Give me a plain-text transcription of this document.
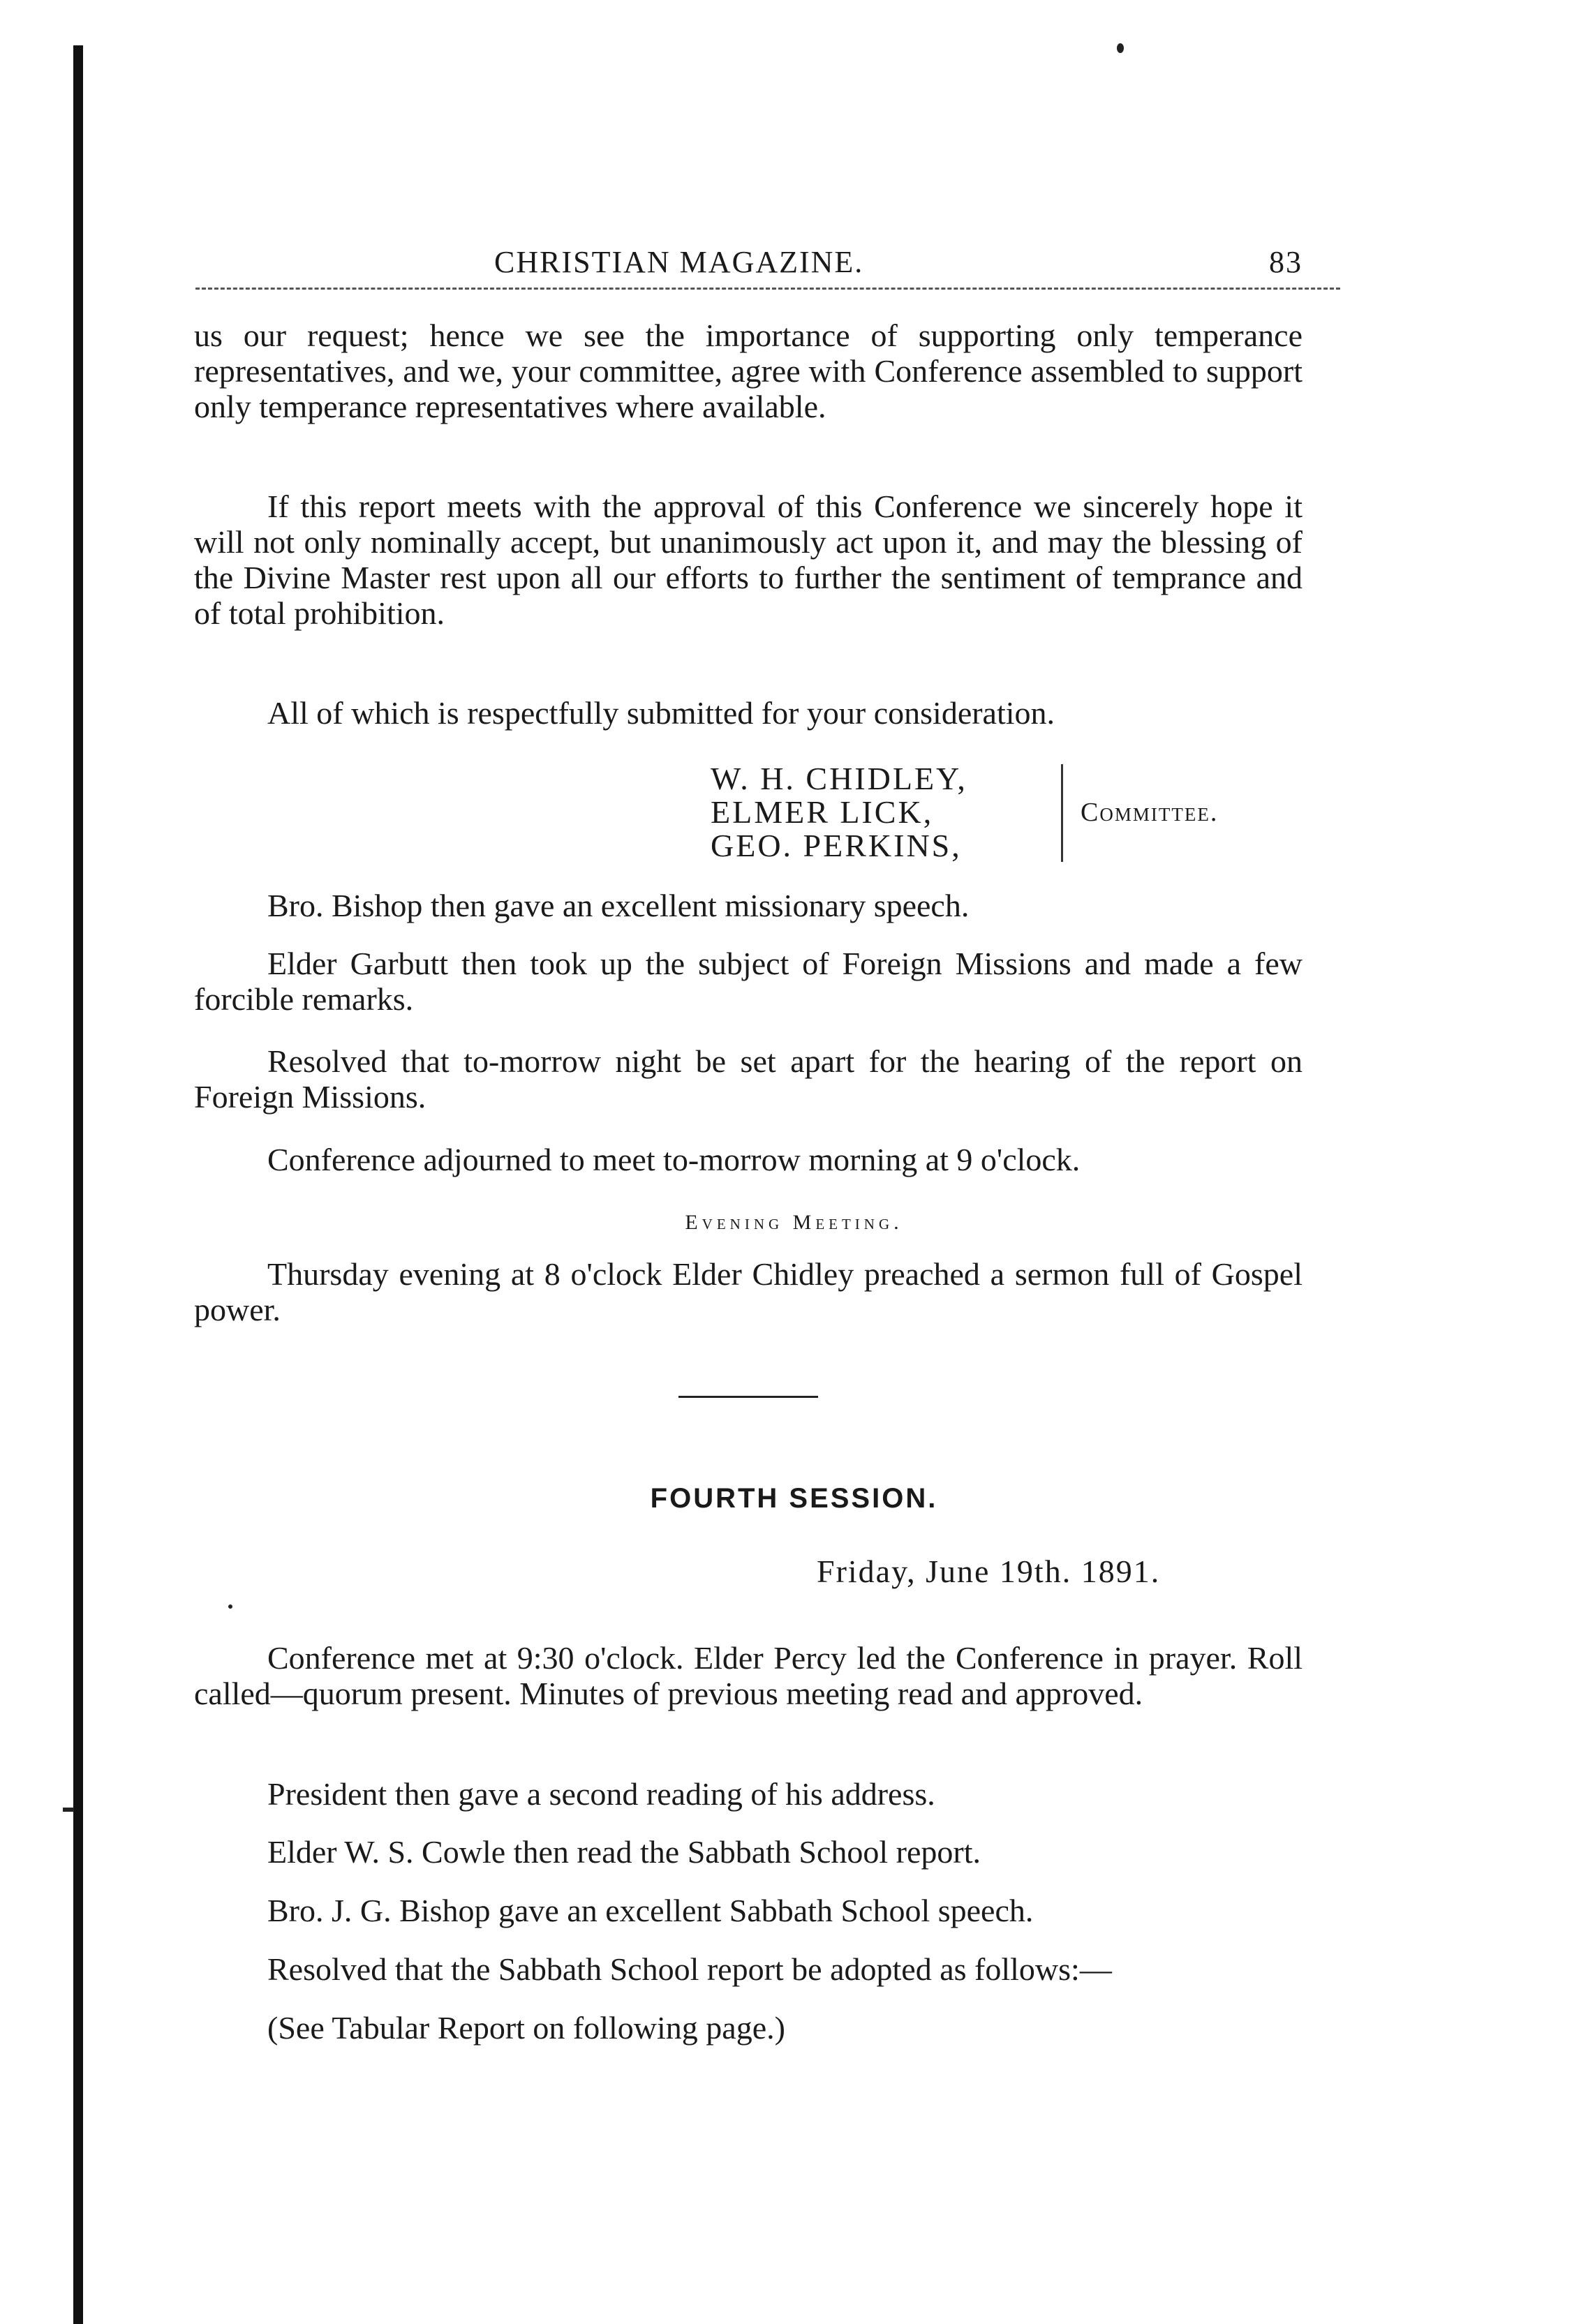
CHRISTIAN MAGAZINE.	83
us our request; hence we see the importance of supporting only temperance representatives, and we, your committee, agree with Conference assembled to support only temperance representatives where available.
If this report meets with the approval of this Conference we sincerely hope it will not only nominally accept, but unanimously act upon it, and may the blessing of the Divine Master rest upon all our efforts to further the sentiment of temprance and of total prohibition.
All of which is respectfully submitted for your consideration.
W. H. CHIDLEY,
ELMER LICK,
GEO. PERKINS,
Committee.
Bro. Bishop then gave an excellent missionary speech.
Elder Garbutt then took up the subject of Foreign Missions and made a few forcible remarks.
Resolved that to-morrow night be set apart for the hearing of the report on Foreign Missions.
Conference adjourned to meet to-morrow morning at 9 o'clock.
Evening Meeting.
Thursday evening at 8 o'clock Elder Chidley preached a sermon full of Gospel power.
FOURTH SESSION.
Friday, June 19th. 1891.
Conference met at 9:30 o'clock. Elder Percy led the Conference in prayer. Roll called—quorum present. Minutes of previous meeting read and approved.
President then gave a second reading of his address.
Elder W. S. Cowle then read the Sabbath School report.
Bro. J. G. Bishop gave an excellent Sabbath School speech.
Resolved that the Sabbath School report be adopted as follows:—
(See Tabular Report on following page.)
